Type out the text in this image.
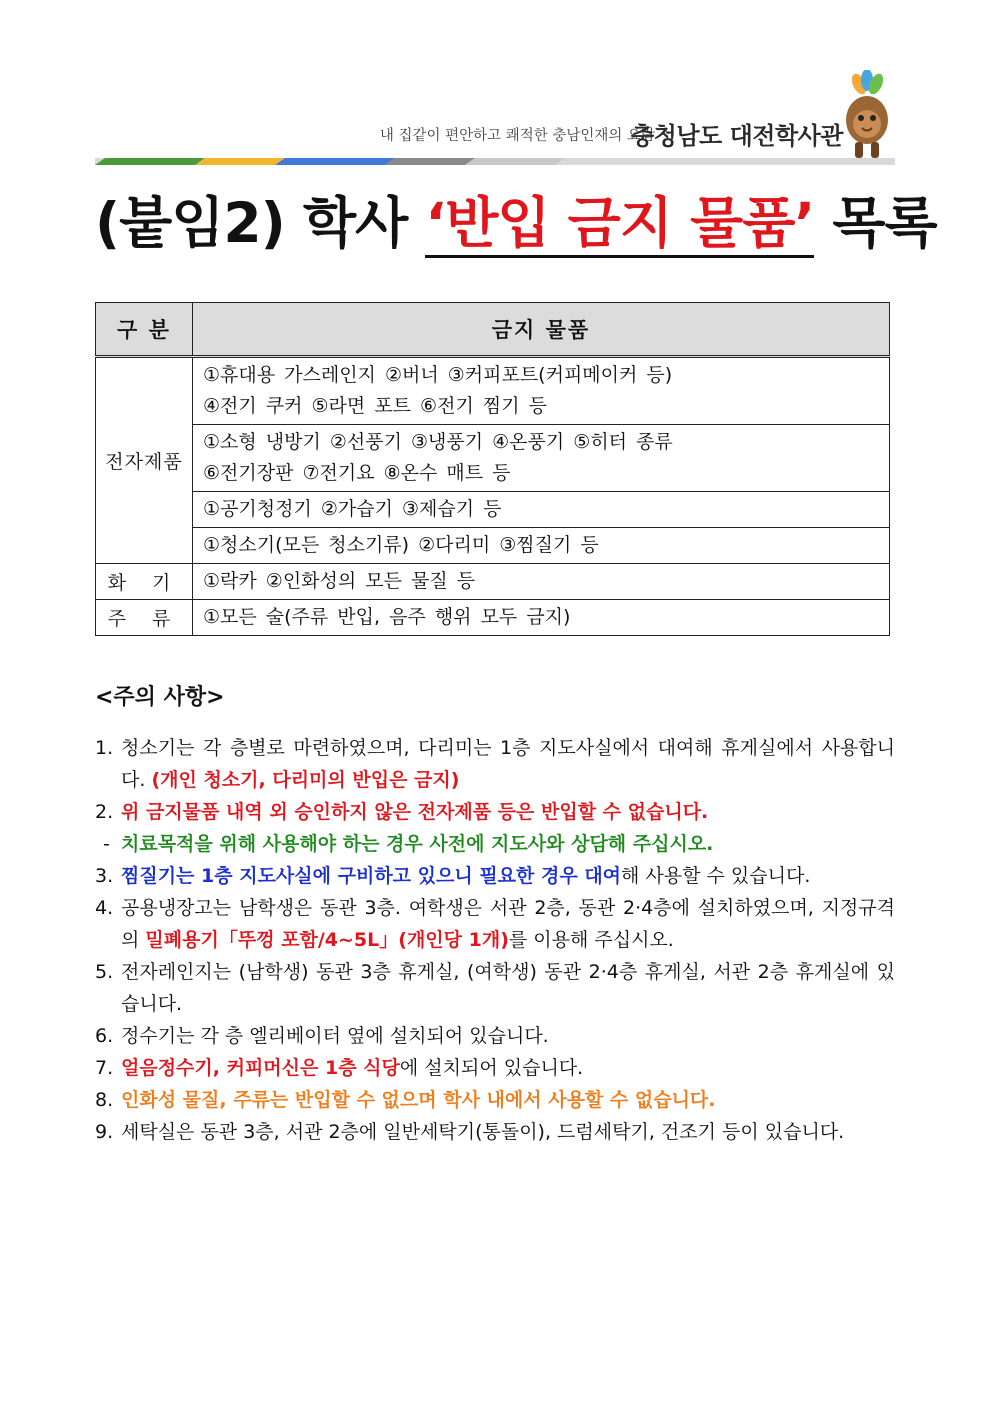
내 집같이 편안하고 쾌적한 충남인재의 요람
충청남도 대전학사관
(붙임2) 학사 ‘반입 금지 물품’ 목록
구 분	금지 물품
전자제품	①휴대용 가스레인지 ②버너 ③커피포트(커피메이커 등)
④전기 쿠커 ⑤라면 포트 ⑥전기 찜기 등

	①소형 냉방기 ②선풍기 ③냉풍기 ④온풍기 ⑤히터 종류
⑥전기장판 ⑦전기요 ⑧온수 매트 등

	①공기청정기 ②가습기 ③제습기 등

	①청소기(모든 청소기류) ②다리미 ③찜질기 등

화 기	①락카 ②인화성의 모든 물질 등

주 류	①모든 술(주류 반입, 음주 행위 모두 금지)
<주의 사항>
1. 청소기는 각 층별로 마련하였으며, 다리미는 1층 지도사실에서 대여해 휴게실에서 사용합니다. (개인 청소기, 다리미의 반입은 금지)
2. 위 금지물품 내역 외 승인하지 않은 전자제품 등은 반입할 수 없습니다.
- 치료목적을 위해 사용해야 하는 경우 사전에 지도사와 상담해 주십시오.
3. 찜질기는 1층 지도사실에 구비하고 있으니 필요한 경우 대여해 사용할 수 있습니다.
4. 공용냉장고는 남학생은 동관 3층. 여학생은 서관 2층, 동관 2·4층에 설치하였으며, 지정규격의 밀폐용기「뚜껑 포함/4~5L」(개인당 1개)를 이용해 주십시오.
5. 전자레인지는 (남학생) 동관 3층 휴게실, (여학생) 동관 2·4층 휴게실, 서관 2층 휴게실에 있습니다.
6. 정수기는 각 층 엘리베이터 옆에 설치되어 있습니다.
7. 얼음정수기, 커피머신은 1층 식당에 설치되어 있습니다.
8. 인화성 물질, 주류는 반입할 수 없으며 학사 내에서 사용할 수 없습니다.
9. 세탁실은 동관 3층, 서관 2층에 일반세탁기(통돌이), 드럼세탁기, 건조기 등이 있습니다.
